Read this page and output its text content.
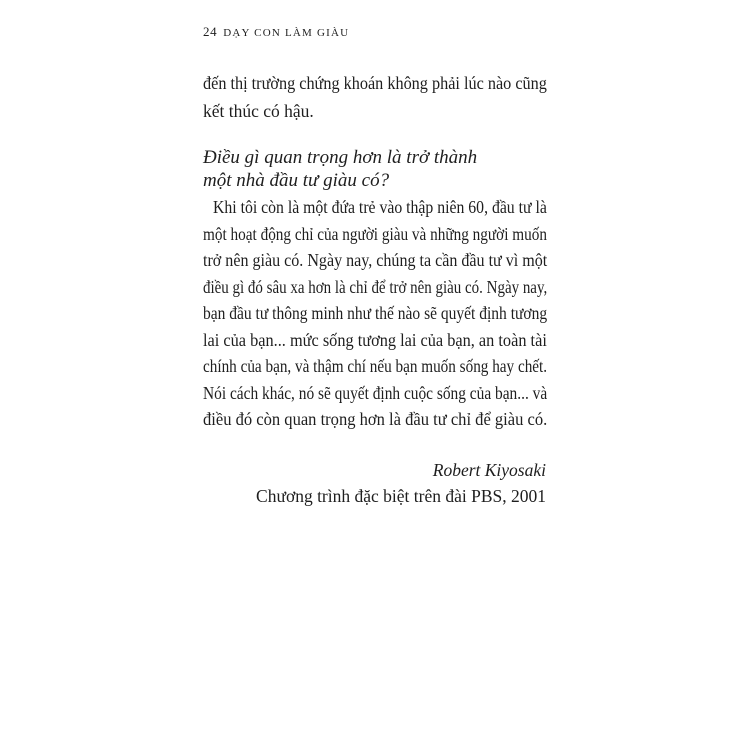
24 DẠY CON LÀM GIÀU
đến thị trường chứng khoán không phải lúc nào cũng
kết thúc có hậu.
Điều gì quan trọng hơn là trở thành
một nhà đầu tư giàu có?
Khi tôi còn là một đứa trẻ vào thập niên 60, đầu tư là
một hoạt động chỉ của người giàu và những người muốn
trở nên giàu có. Ngày nay, chúng ta cần đầu tư vì một
điều gì đó sâu xa hơn là chỉ để trở nên giàu có. Ngày nay,
bạn đầu tư thông minh như thế nào sẽ quyết định tương
lai của bạn... mức sống tương lai của bạn, an toàn tài
chính của bạn, và thậm chí nếu bạn muốn sống hay chết.
Nói cách khác, nó sẽ quyết định cuộc sống của bạn... và
điều đó còn quan trọng hơn là đầu tư chỉ để giàu có.
Robert Kiyosaki
Chương trình đặc biệt trên đài PBS, 2001
